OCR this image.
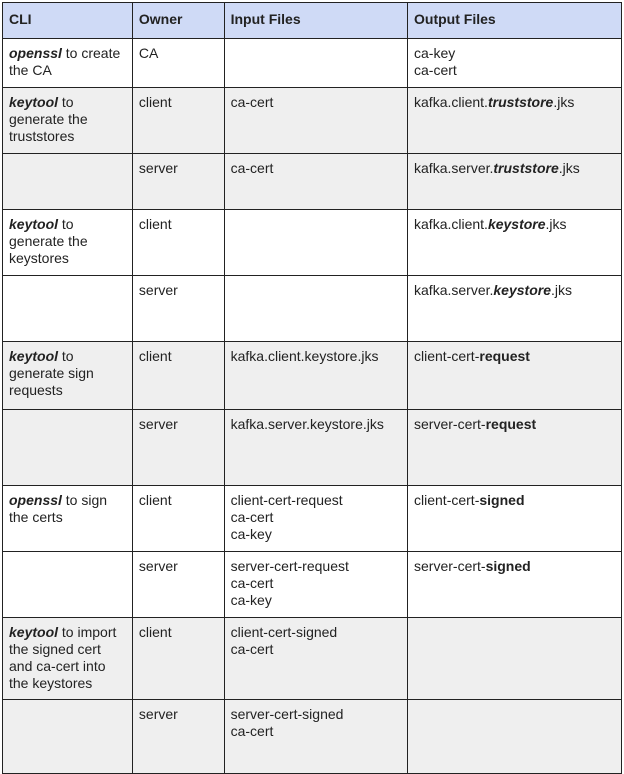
CLI	Owner	Input Files	Output Files
openssl to create the CA	CA		ca-key
ca-cert

keytool to generate the truststores	client	ca-cert	kafka.client.truststore.jks

	server	ca-cert	kafka.server.truststore.jks

keytool to generate the keystores	client		kafka.client.keystore.jks

	server		kafka.server.keystore.jks

keytool to generate sign requests	client	kafka.client.keystore.jks	client-cert-request

	server	kafka.server.keystore.jks	server-cert-request

openssl to sign the certs	client	client-cert-request
ca-cert
ca-key	client-cert-signed

	server	server-cert-request
ca-cert
ca-key	server-cert-signed

keytool to import the signed cert and ca-cert into the keystores	client	client-cert-signed
ca-cert	

	server	server-cert-signed
ca-cert	
